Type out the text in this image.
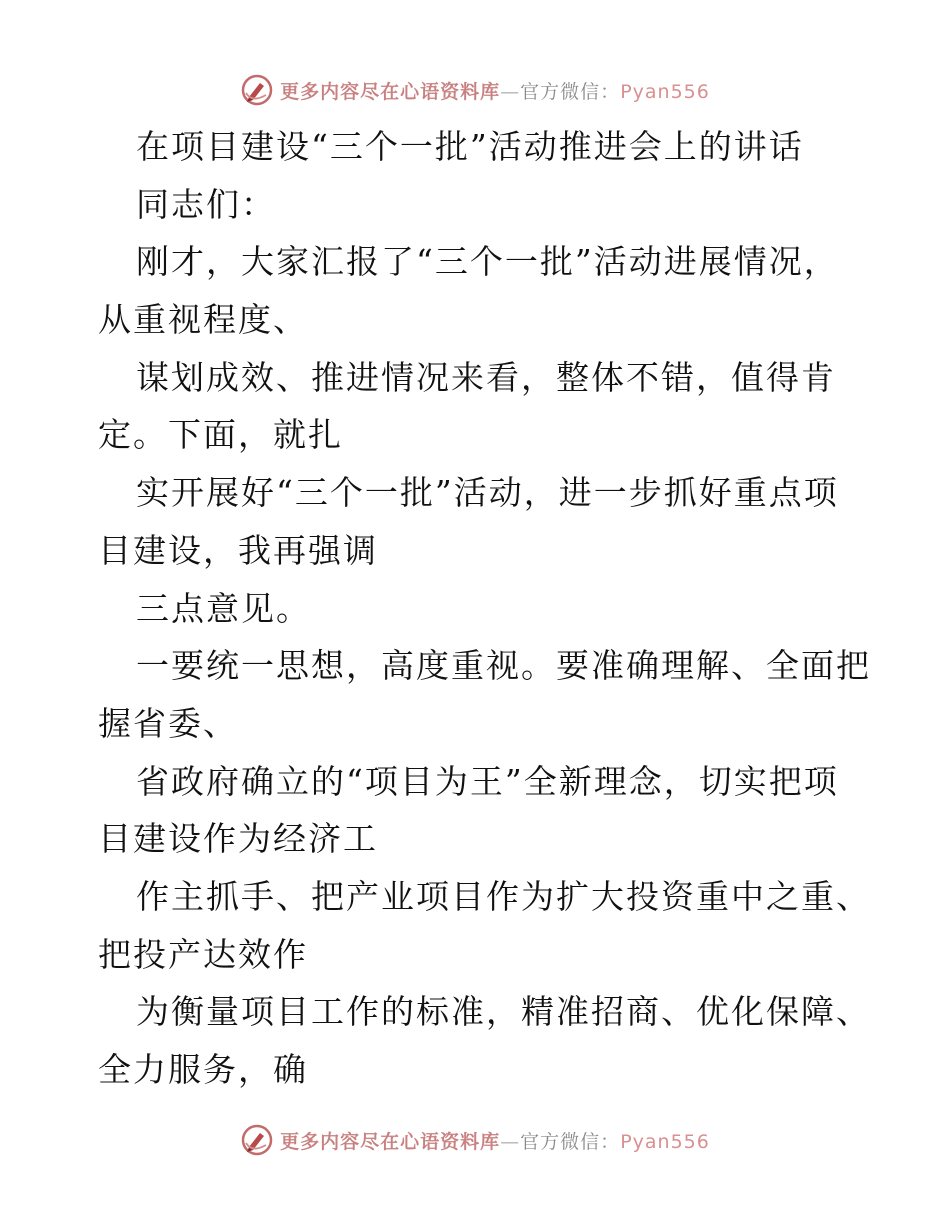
更多内容尽在心语资料库—官方微信：Pyan556
在项目建设“三个一批”活动推进会上的讲话
同志们：
刚才，大家汇报了“三个一批”活动进展情况，
从重视程度、
谋划成效、推进情况来看，整体不错，值得肯
定。下面，就扎
实开展好“三个一批”活动，进一步抓好重点项
目建设，我再强调
三点意见。
一要统一思想，高度重视。要准确理解、全面把
握省委、
省政府确立的“项目为王”全新理念，切实把项
目建设作为经济工
作主抓手、把产业项目作为扩大投资重中之重、
把投产达效作
为衡量项目工作的标准，精准招商、优化保障、
全力服务，确
更多内容尽在心语资料库—官方微信：Pyan556
